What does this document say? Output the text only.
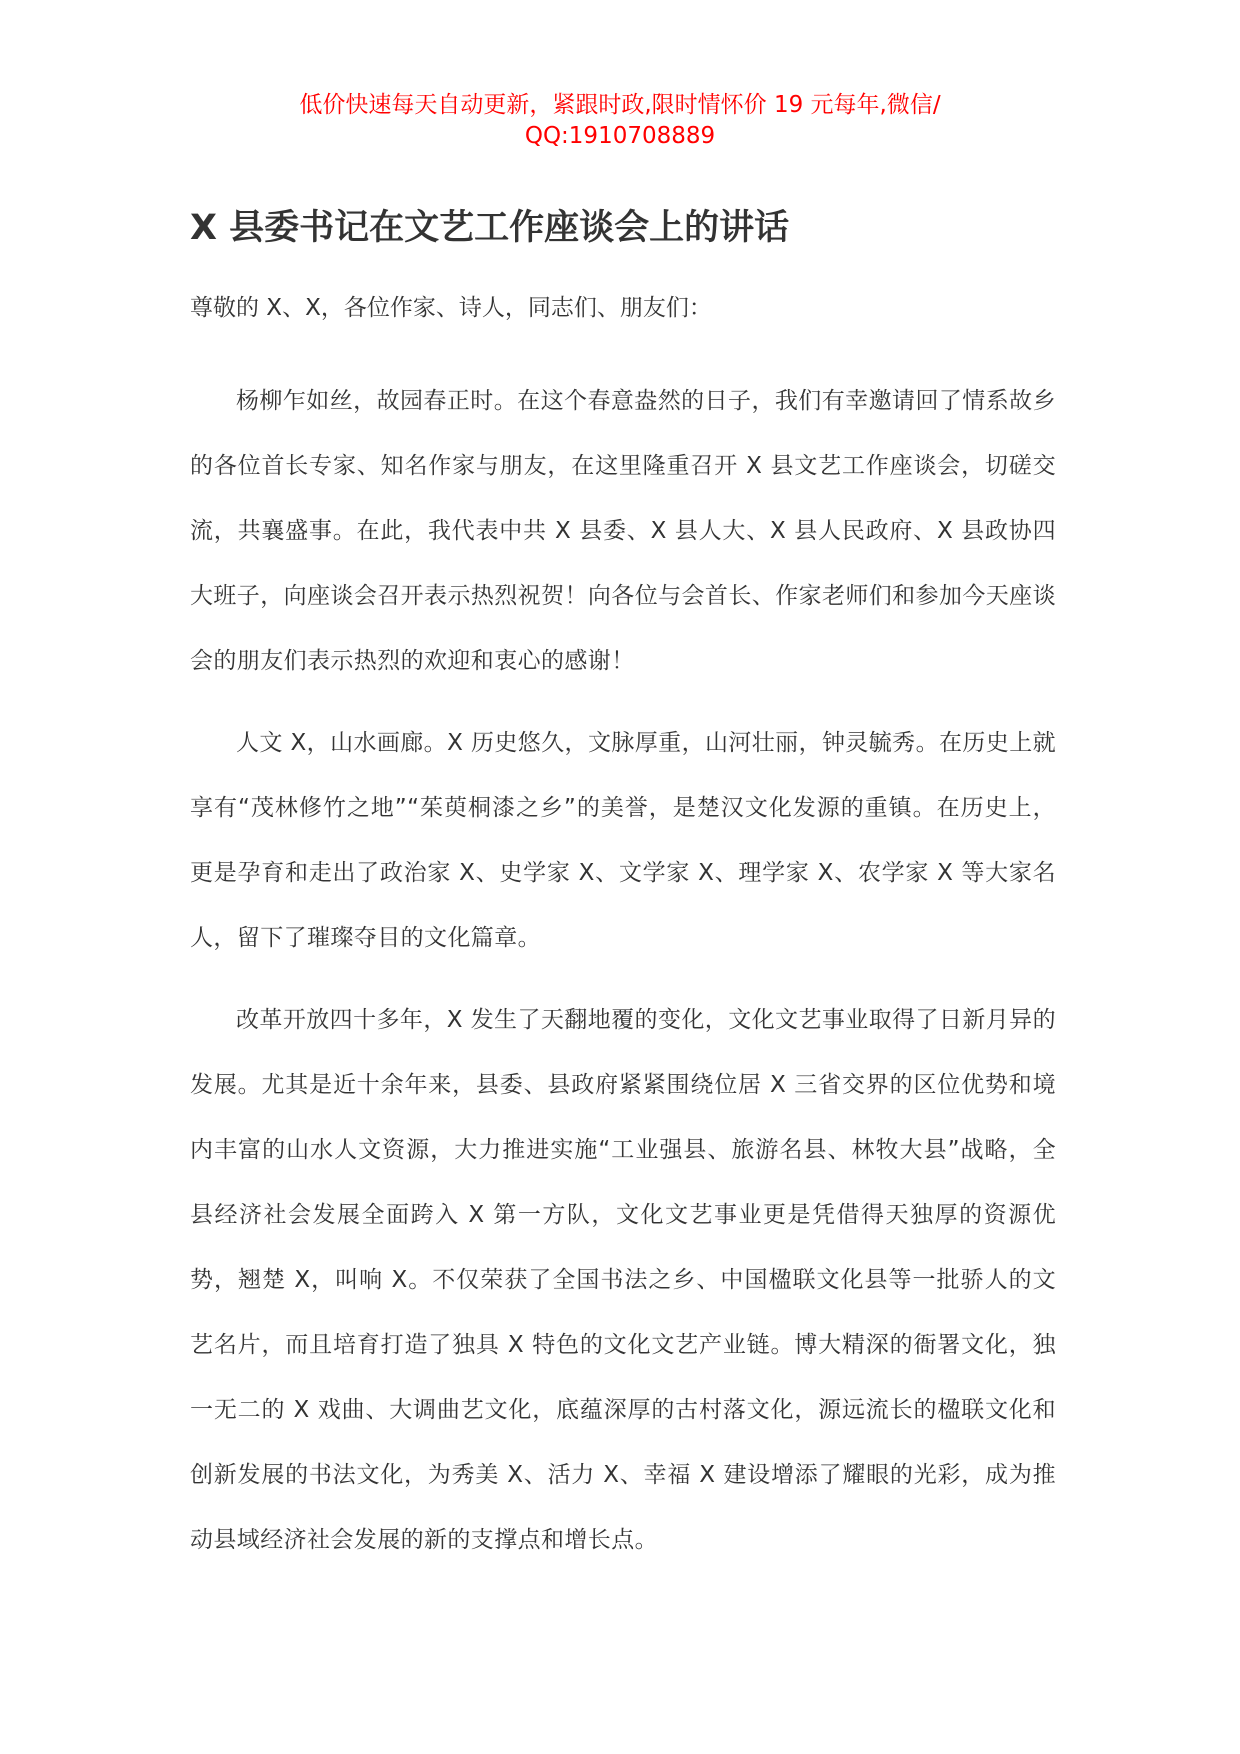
低价快速每天自动更新，紧跟时政,限时情怀价 19 元每年,微信/
QQ:1910708889
X 县委书记在文艺工作座谈会上的讲话

尊敬的 X、X，各位作家、诗人，同志们、朋友们：

杨柳乍如丝，故园春正时。在这个春意盎然的日子，我们有幸邀请回了情系故乡的各位首长专家、知名作家与朋友，在这里隆重召开 X 县文艺工作座谈会，切磋交流，共襄盛事。在此，我代表中共 X 县委、X 县人大、X 县人民政府、X 县政协四大班子，向座谈会召开表示热烈祝贺！向各位与会首长、作家老师们和参加今天座谈会的朋友们表示热烈的欢迎和衷心的感谢！

人文 X，山水画廊。X 历史悠久，文脉厚重，山河壮丽，钟灵毓秀。在历史上就享有“茂林修竹之地”“茱萸桐漆之乡”的美誉，是楚汉文化发源的重镇。在历史上，更是孕育和走出了政治家 X、史学家 X、文学家 X、理学家 X、农学家 X 等大家名人，留下了璀璨夺目的文化篇章。

改革开放四十多年，X 发生了天翻地覆的变化，文化文艺事业取得了日新月异的发展。尤其是近十余年来，县委、县政府紧紧围绕位居 X 三省交界的区位优势和境内丰富的山水人文资源，大力推进实施“工业强县、旅游名县、林牧大县”战略，全县经济社会发展全面跨入 X 第一方队，文化文艺事业更是凭借得天独厚的资源优势，翘楚 X，叫响 X。不仅荣获了全国书法之乡、中国楹联文化县等一批骄人的文艺名片，而且培育打造了独具 X 特色的文化文艺产业链。博大精深的衙署文化，独一无二的 X 戏曲、大调曲艺文化，底蕴深厚的古村落文化，源远流长的楹联文化和创新发展的书法文化，为秀美 X、活力 X、幸福 X 建设增添了耀眼的光彩，成为推动县域经济社会发展的新的支撑点和增长点。
